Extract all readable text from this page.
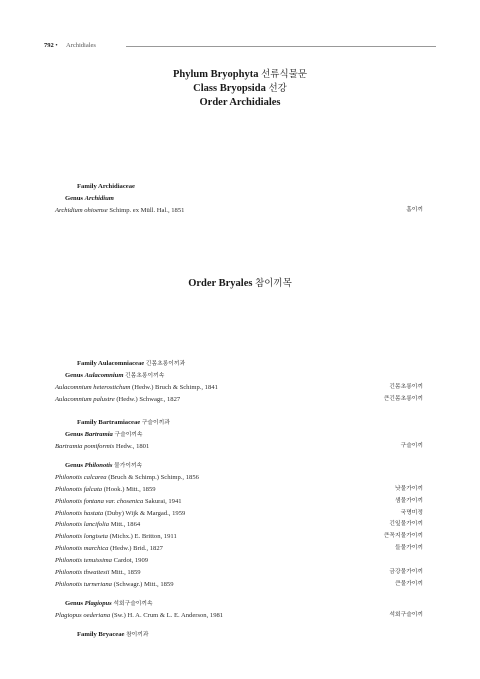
792 • Archidiales
Phylum Bryophyta 선류식물문
Class Bryopsida 선강
Order Archidiales
Order Bryales 참이끼목
Family Archidiaceae
Genus Archidium
Archidium ohioense Schimp. ex Müll. Hal., 1851	홈이끼
Family Aulacomniaceae 긴몸초롱이끼과
Genus Aulacomnium 긴몸초롱이끼속
Aulacomnium heterostichum (Hedw.) Bruch & Schimp., 1841	긴몸초롱이끼
Aulacomnium palustre (Hedw.) Schwagr., 1827	큰긴몸초롱이끼
Family Bartramiaceae 구슬이끼과
Genus Bartramia 구슬이끼속
Bartramia pomiformis Hedw., 1801	구슬이끼
Genus Philonotis 물가이끼속
Philonotis calcarea (Bruch & Schimp.) Schimp., 1856
Philonotis falcata (Hook.) Mitt., 1859	낫물가이끼
Philonotis fontana var. chosenica Sakurai, 1941	샘물가이끼
Philonotis hastata (Duby) Wijk & Margad., 1959	국명미정
Philonotis lancifolia Mitt., 1864	긴잎물가이끼
Philonotis longiseta (Michx.) E. Britton, 1911	큰꼭지물가이끼
Philonotis marchica (Hedw.) Brid., 1827	들물가이끼
Philonotis tenuissima Cardot, 1909
Philonotis thwaitesii Mitt., 1859	금강물가이끼
Philonotis turneriana (Schwagr.) Mitt., 1859	큰물가이끼
Genus Plagiopus 석회구슬이끼속
Plagiopus oederiana (Sw.) H. A. Crum & L. E. Anderson, 1981	석회구슬이끼
Family Bryaceae 참이끼과
